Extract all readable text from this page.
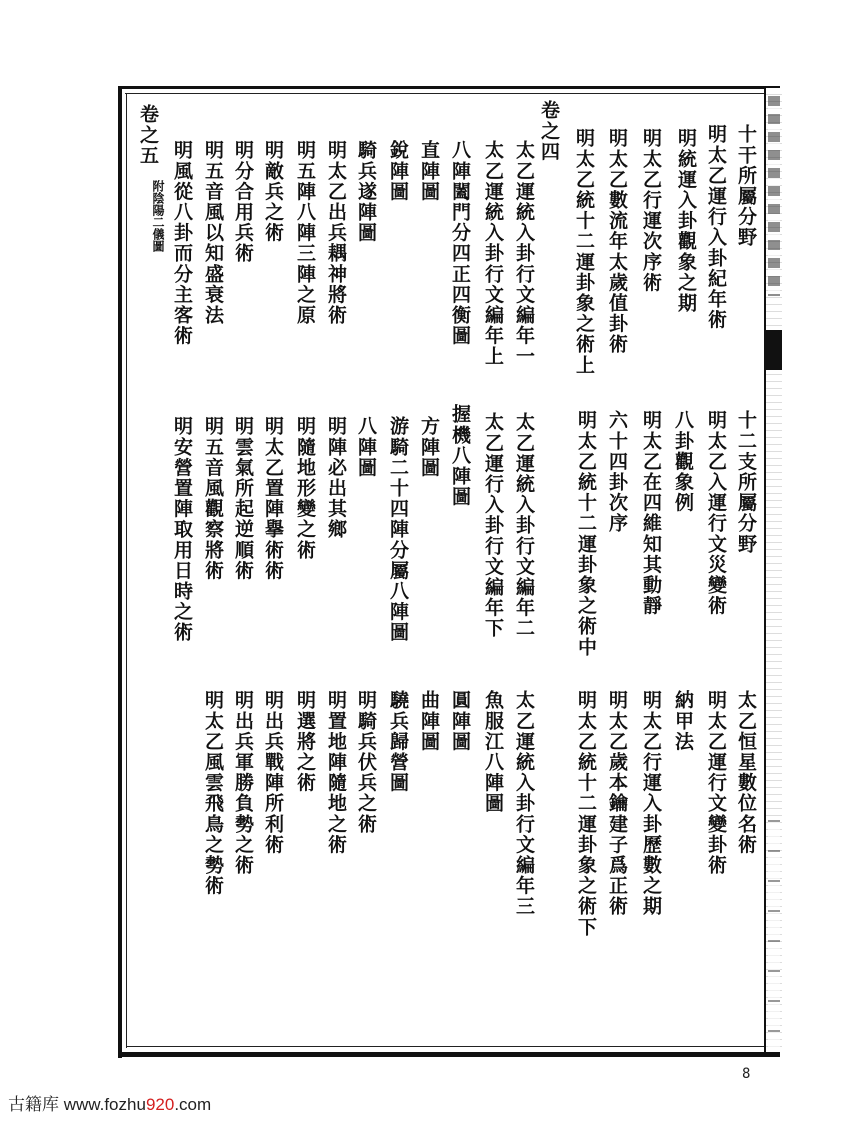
卷之四
卷之五	十干所屬分野
明太乙運行入卦紀年術
明統運入卦觀象之期
明太乙行運次序術
明太乙數流年太歲值卦術
明太乙統十二運卦象之術上
太乙運統入卦行文編年一
太乙運統入卦行文編年上
八陣闔門分四正四衡圖
直陣圖
銳陣圖
騎兵遂陣圖
明太乙出兵耦神將術
明五陣八陣三陣之原
明敵兵之術
明分合用兵術
明五音風以知盛衰法
明風從八卦而分主客術
附陰陽二儀圖
十二支所屬分野
明太乙入運行文災變術
八卦觀象例
明太乙在四維知其動靜
六十四卦次序
明太乙統十二運卦象之術中
太乙運統入卦行文編年二
太乙運行入卦行文編年下
握機八陣圖
方陣圖
游騎二十四陣分屬八陣圖
八陣圖
明陣必出其鄉
明隨地形變之術
明太乙置陣擧術術
明雲氣所起逆順術
明五音風觀察將術
明安營置陣取用日時之術
太乙恒星數位名術
明太乙運行文變卦術
納甲法
明太乙行運入卦歷數之期
明太乙歲本鑰建子爲正術
明太乙統十二運卦象之術下
太乙運統入卦行文編年三
魚服江八陣圖
圓陣圖
曲陣圖
驍兵歸營圖
明騎兵伏兵之術
明置地陣隨地之術
明選將之術
明出兵戰陣所利術
明出兵軍勝負勢之術
明太乙風雲飛鳥之勢術
8
古籍库 www.fozhu920.com
